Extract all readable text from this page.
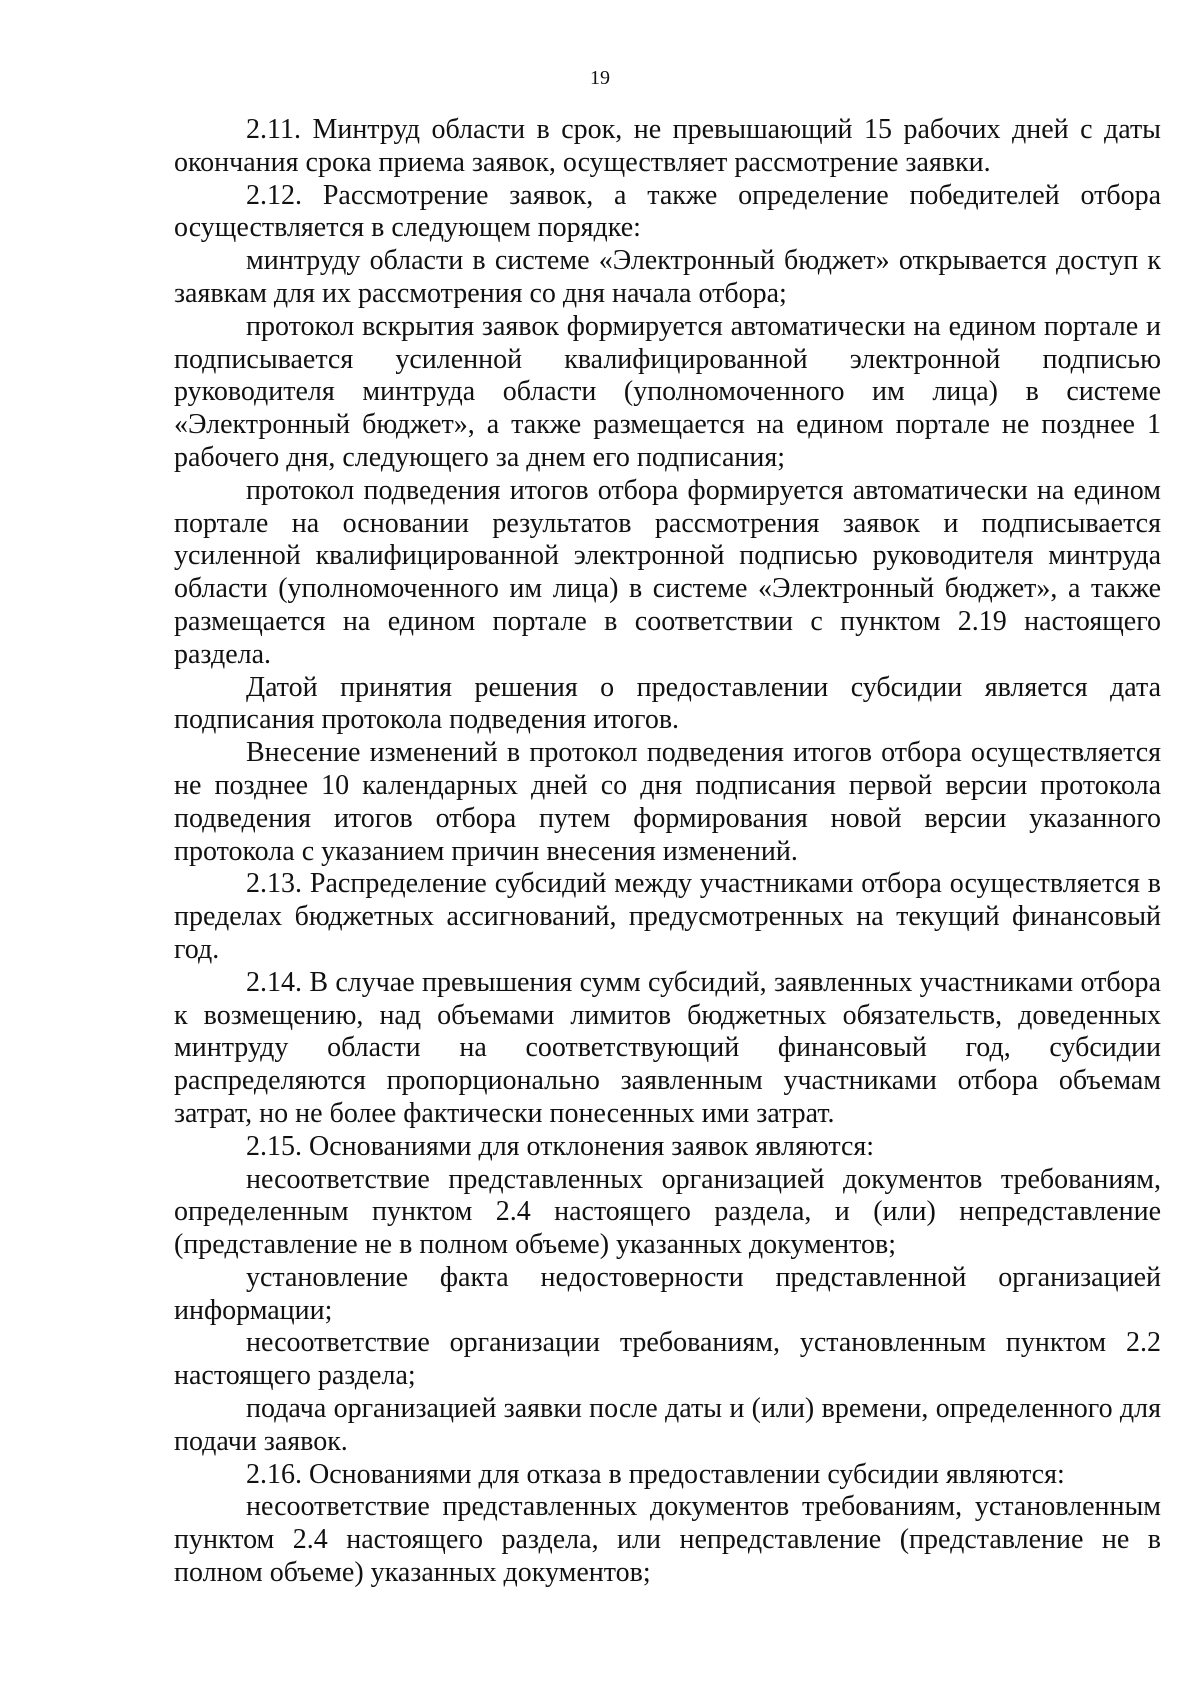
19

2.11. Минтруд области в срок, не превышающий 15 рабочих дней с даты окончания срока приема заявок, осуществляет рассмотрение заявки.

2.12. Рассмотрение заявок, а также определение победителей отбора осуществляется в следующем порядке:

минтруду области в системе «Электронный бюджет» открывается доступ к заявкам для их рассмотрения со дня начала отбора;

протокол вскрытия заявок формируется автоматически на едином портале и подписывается усиленной квалифицированной электронной подписью руководителя минтруда области (уполномоченного им лица) в системе «Электронный бюджет», а также размещается на едином портале не позднее 1 рабочего дня, следующего за днем его подписания;

протокол подведения итогов отбора формируется автоматически на едином портале на основании результатов рассмотрения заявок и подписывается усиленной квалифицированной электронной подписью руководителя минтруда области (уполномоченного им лица) в системе «Электронный бюджет», а также размещается на едином портале в соответствии с пунктом 2.19 настоящего раздела.

Датой принятия решения о предоставлении субсидии является дата подписания протокола подведения итогов.

Внесение изменений в протокол подведения итогов отбора осуществляется не позднее 10 календарных дней со дня подписания первой версии протокола подведения итогов отбора путем формирования новой версии указанного протокола с указанием причин внесения изменений.

2.13. Распределение субсидий между участниками отбора осуществляется в пределах бюджетных ассигнований, предусмотренных на текущий финансовый год.

2.14. В случае превышения сумм субсидий, заявленных участниками отбора к возмещению, над объемами лимитов бюджетных обязательств, доведенных минтруду области на соответствующий финансовый год, субсидии распределяются пропорционально заявленным участниками отбора объемам затрат, но не более фактически понесенных ими затрат.

2.15. Основаниями для отклонения заявок являются:

несоответствие представленных организацией документов требованиям, определенным пунктом 2.4 настоящего раздела, и (или) непредставление (представление не в полном объеме) указанных документов;

установление факта недостоверности представленной организацией информации;

несоответствие организации требованиям, установленным пунктом 2.2 настоящего раздела;

подача организацией заявки после даты и (или) времени, определенного для подачи заявок.

2.16. Основаниями для отказа в предоставлении субсидии являются:

несоответствие представленных документов требованиям, установленным пунктом 2.4 настоящего раздела, или непредставление (представление не в полном объеме) указанных документов;
